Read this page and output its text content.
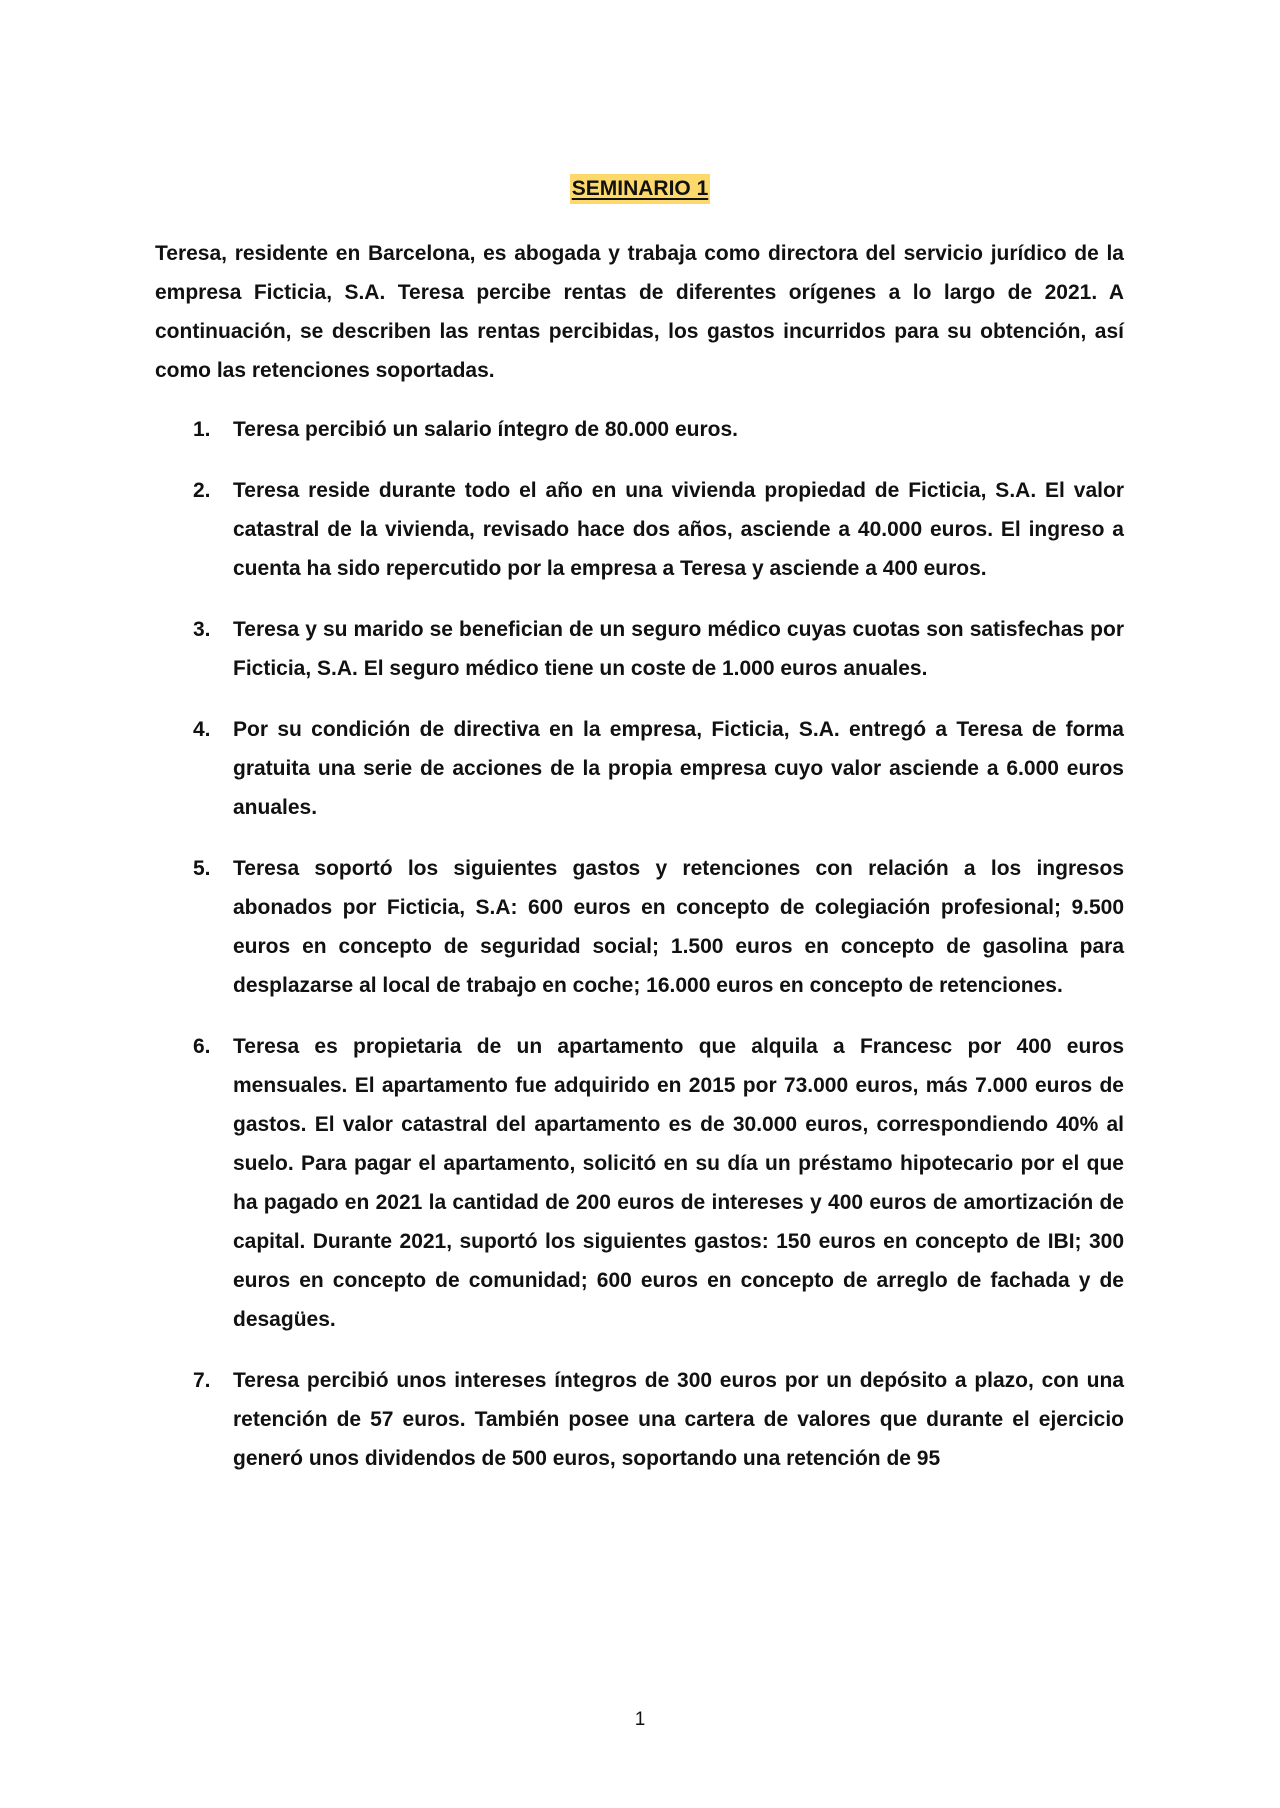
SEMINARIO 1

Teresa, residente en Barcelona, es abogada y trabaja como directora del servicio jurídico de la empresa Ficticia, S.A. Teresa percibe rentas de diferentes orígenes a lo largo de 2021. A continuación, se describen las rentas percibidas, los gastos incurridos para su obtención, así como las retenciones soportadas.

1.	Teresa percibió un salario íntegro de 80.000 euros.

2.	Teresa reside durante todo el año en una vivienda propiedad de Ficticia, S.A. El valor catastral de la vivienda, revisado hace dos años, asciende a 40.000 euros. El ingreso a cuenta ha sido repercutido por la empresa a Teresa y asciende a 400 euros.

3.	Teresa y su marido se benefician de un seguro médico cuyas cuotas son satisfechas por Ficticia, S.A. El seguro médico tiene un coste de 1.000 euros anuales.

4.	Por su condición de directiva en la empresa, Ficticia, S.A. entregó a Teresa de forma gratuita una serie de acciones de la propia empresa cuyo valor asciende a 6.000 euros anuales.

5.	Teresa soportó los siguientes gastos y retenciones con relación a los ingresos abonados por Ficticia, S.A: 600 euros en concepto de colegiación profesional; 9.500 euros en concepto de seguridad social; 1.500 euros en concepto de gasolina para desplazarse al local de trabajo en coche; 16.000 euros en concepto de retenciones.

6.	Teresa es propietaria de un apartamento que alquila a Francesc por 400 euros mensuales. El apartamento fue adquirido en 2015 por 73.000 euros, más 7.000 euros de gastos. El valor catastral del apartamento es de 30.000 euros, correspondiendo 40% al suelo. Para pagar el apartamento, solicitó en su día un préstamo hipotecario por el que ha pagado en 2021 la cantidad de 200 euros de intereses y 400 euros de amortización de capital. Durante 2021, suportó los siguientes gastos: 150 euros en concepto de IBI; 300 euros en concepto de comunidad; 600 euros en concepto de arreglo de fachada y de desagües.

7.	Teresa percibió unos intereses íntegros de 300 euros por un depósito a plazo, con una retención de 57 euros. También posee una cartera de valores que durante el ejercicio generó unos dividendos de 500 euros, soportando una retención de 95

1
